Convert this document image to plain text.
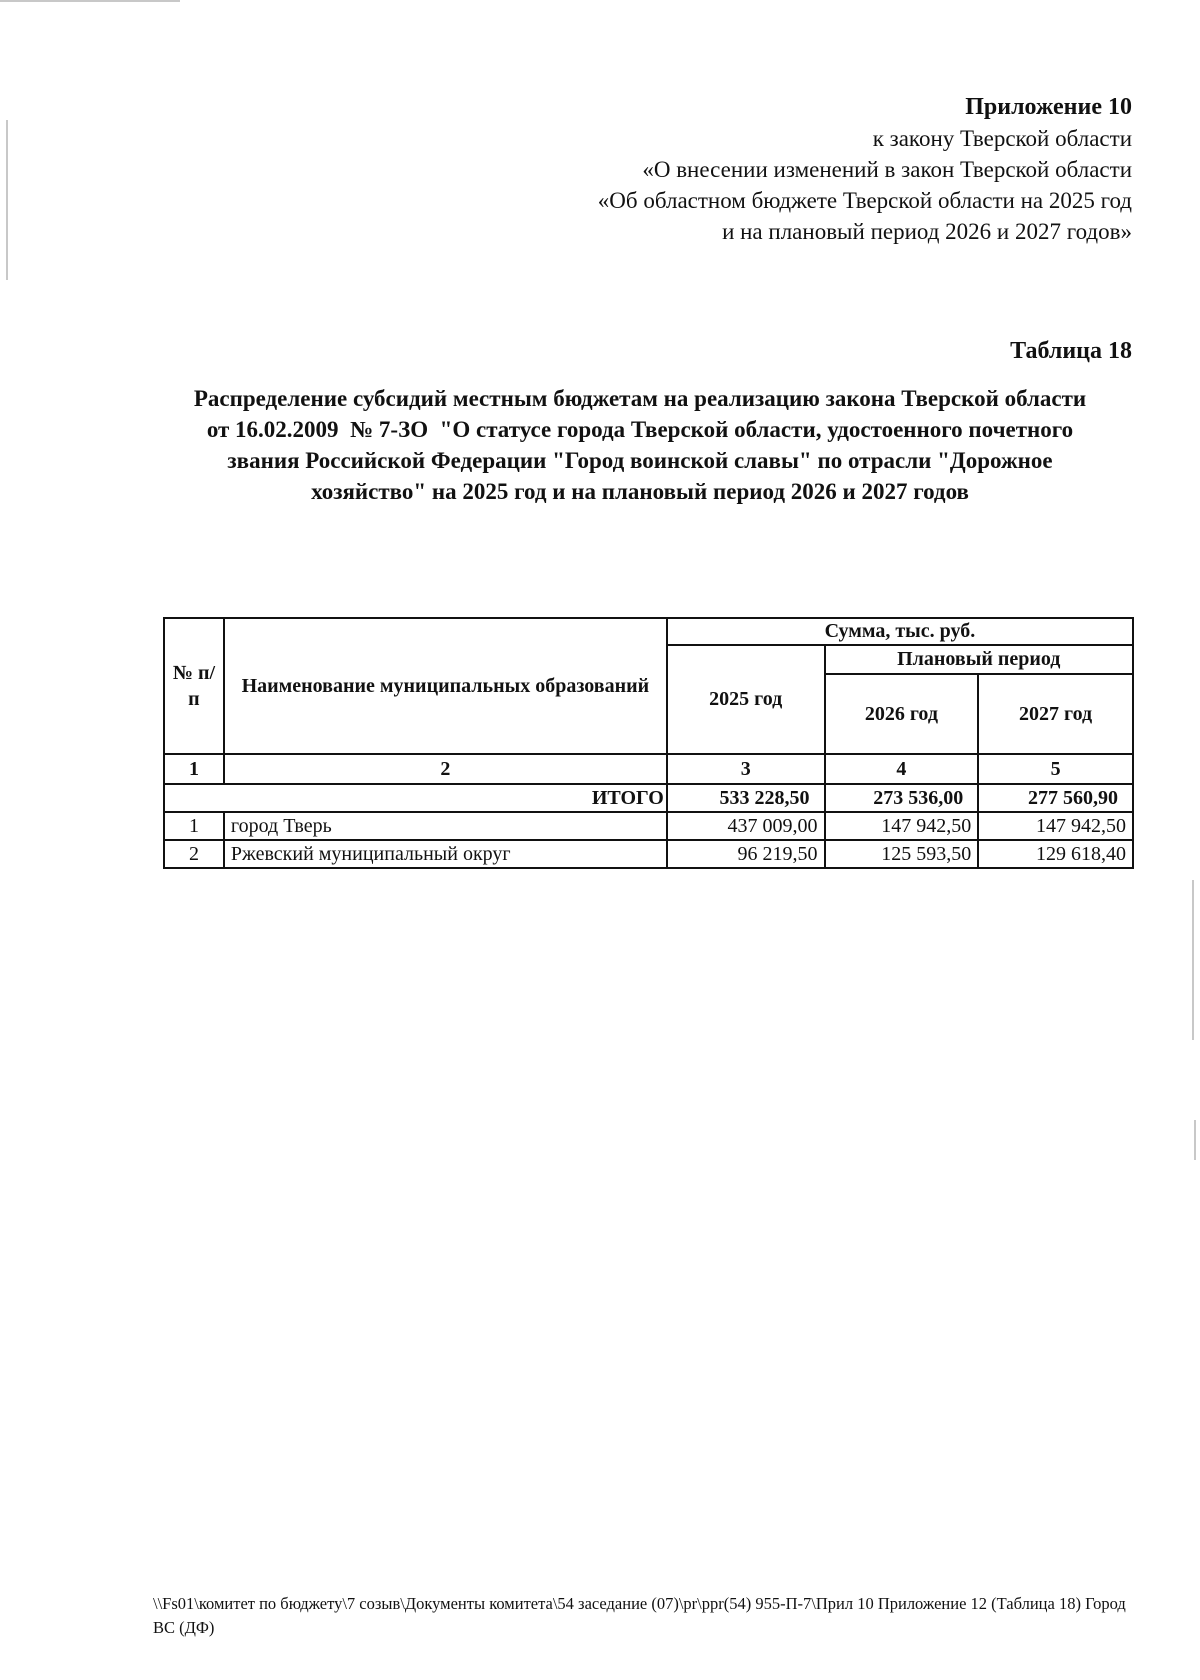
Приложение 10
к закону Тверской области
«О внесении изменений в закон Тверской области
«Об областном бюджете Тверской области на 2025 год
и на плановый период 2026 и 2027 годов»
Таблица 18
Распределение субсидий местным бюджетам на реализацию закона Тверской области
от 16.02.2009  № 7-ЗО  "О статусе города Тверской области, удостоенного почетного
звания Российской Федерации "Город воинской славы" по отрасли "Дорожное
хозяйство" на 2025 год и на плановый период 2026 и 2027 годов
№ п/п	Наименование муниципальных образований	Сумма, тыс. руб.		
		2025 год	Плановый период	
			2026 год	2027 год
1	2	3	4	5
ИТОГО		533 228,50	273 536,00	277 560,90
1	город Тверь	437 009,00	147 942,50	147 942,50
2	Ржевский муниципальный округ	96 219,50	125 593,50	129 618,40
\\Fs01\комитет по бюджету\7 созыв\Документы комитета\54 заседание (07)\pr\ppr(54) 955-П-7\Прил 10 Приложение 12 (Таблица 18) Город ВС (ДФ)
